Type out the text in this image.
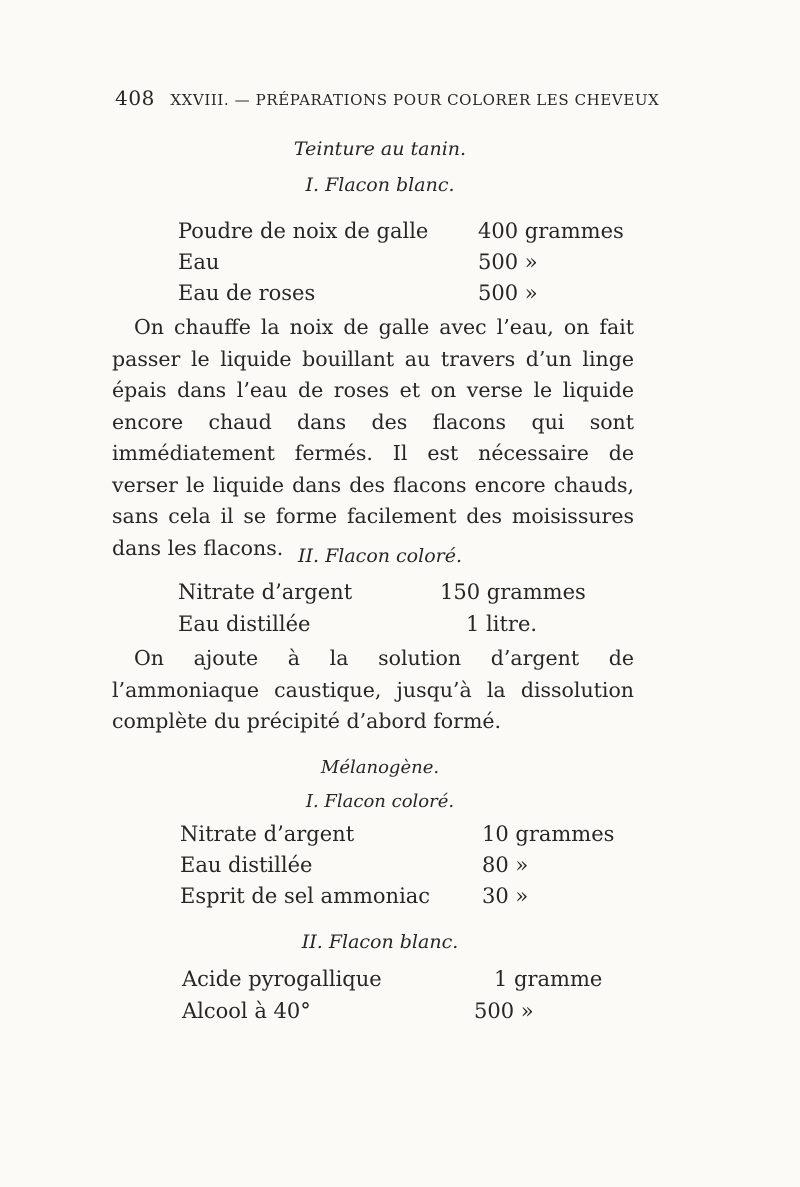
408 XXVIII. — PRÉPARATIONS POUR COLORER LES CHEVEUX
Teinture au tanin.
I. Flacon blanc.
Poudre de noix de galle 400 grammes
Eau	500 »
Eau de roses	500 »

On chauffe la noix de galle avec l’eau, on fait passer le liquide bouillant au travers d’un linge épais dans l’eau de roses et on verse le liquide encore chaud dans des flacons qui sont immédiatement fermés. Il est nécessaire de verser le liquide dans des flacons encore chauds, sans cela il se forme facilement des moisissures dans les flacons. II. Flacon coloré.
Nitrate d’argent	150 grammes
Eau distillée	1 litre.

On ajoute à la solution d’argent de l’ammoniaque caustique, jusqu’à la dissolution complète du précipité d’abord formé.

Mélanogène.
I. Flacon coloré.
Nitrate d’argent	10 grammes
Eau distillée	80 »
Esprit de sel ammoniac 30 »
II. Flacon blanc.
Acide pyrogallique	1 gramme
Alcool à 40°	500 »
